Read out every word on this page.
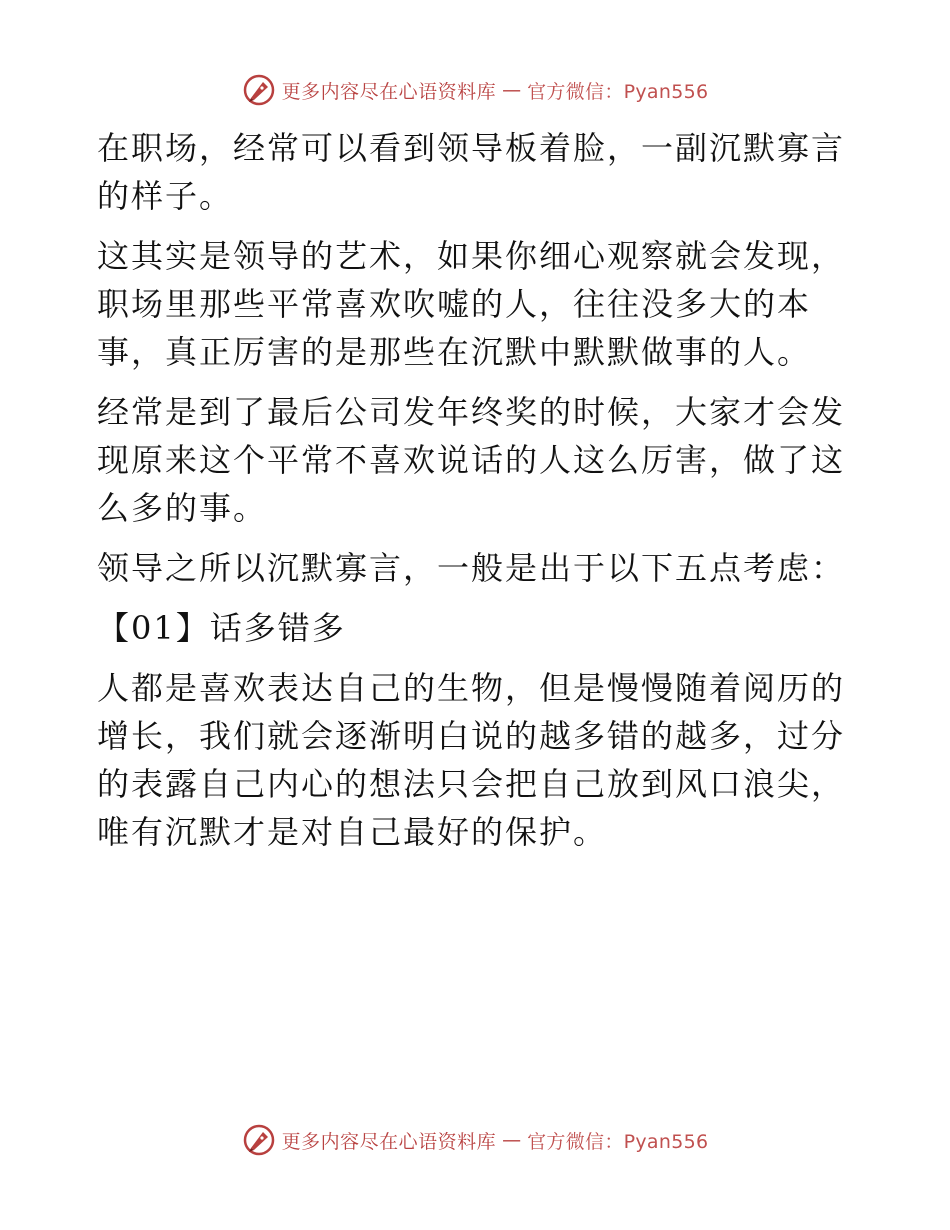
更多内容尽在心语资料库 — 官方微信：Pyan556

在职场，经常可以看到领导板着脸，一副沉默寡言的样子。

这其实是领导的艺术，如果你细心观察就会发现，职场里那些平常喜欢吹嘘的人，往往没多大的本事，真正厉害的是那些在沉默中默默做事的人。

经常是到了最后公司发年终奖的时候，大家才会发现原来这个平常不喜欢说话的人这么厉害，做了这么多的事。

领导之所以沉默寡言，一般是出于以下五点考虑：

【01】话多错多

人都是喜欢表达自己的生物，但是慢慢随着阅历的增长，我们就会逐渐明白说的越多错的越多，过分的表露自己内心的想法只会把自己放到风口浪尖，唯有沉默才是对自己最好的保护。

更多内容尽在心语资料库 — 官方微信：Pyan556
